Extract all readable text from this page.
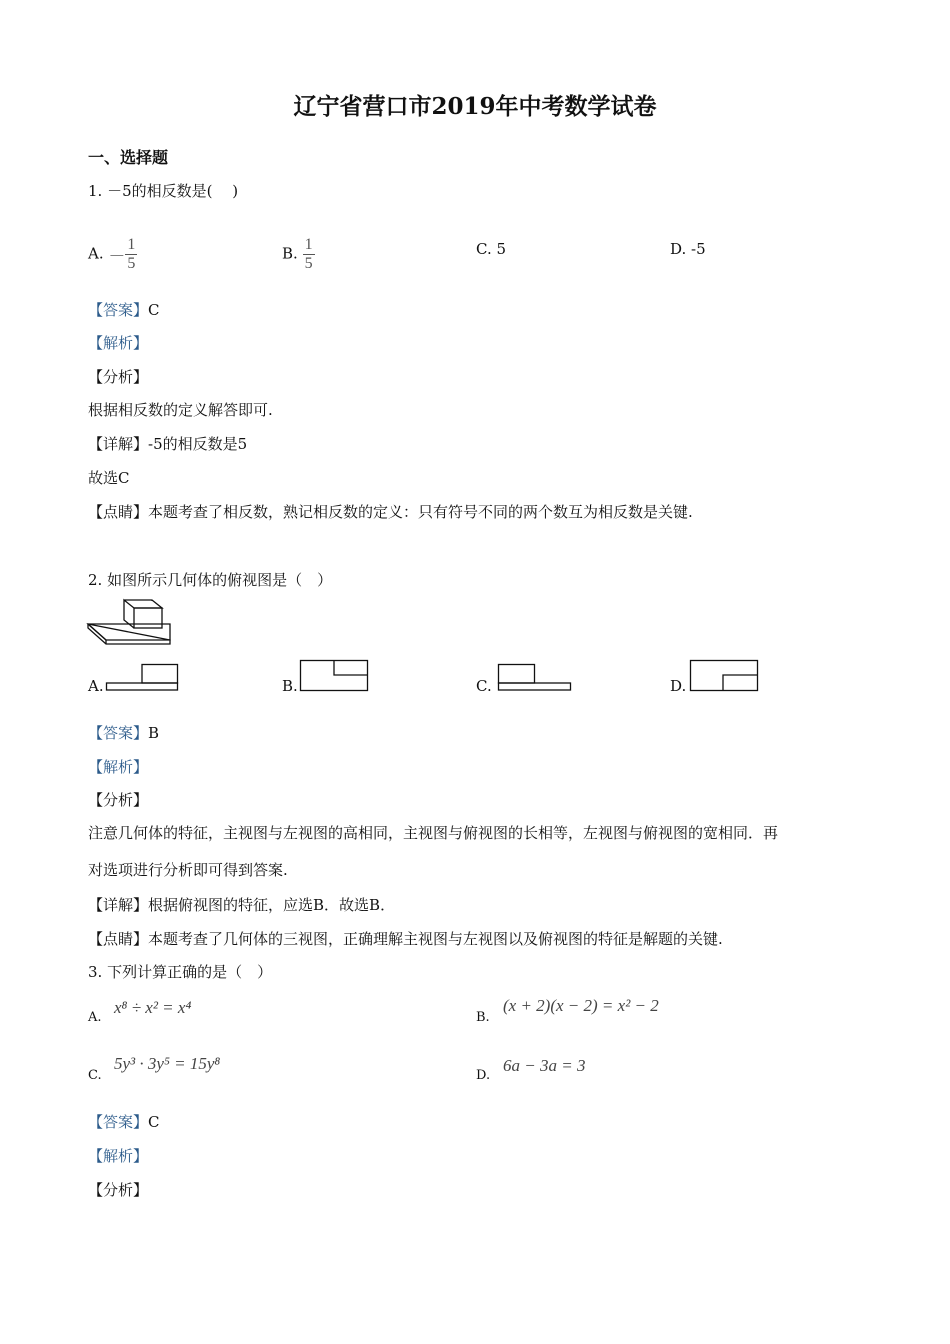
辽宁省营口市2019年中考数学试卷
一、选择题
1. －5的相反数是(　 )
A. － $\frac{1}{5}$	B. $\frac{1}{5}$	C. 5	D. -5
【答案】C
【解析】
【分析】
根据相反数的定义解答即可.
【详解】-5的相反数是5
故选C
【点睛】本题考查了相反数，熟记相反数的定义：只有符号不同的两个数互为相反数是关键.
2. 如图所示几何体的俯视图是（　）
A.	B.	C.	D.
【答案】B
【解析】
【分析】
注意几何体的特征，主视图与左视图的高相同，主视图与俯视图的长相等，左视图与俯视图的宽相同．再
对选项进行分析即可得到答案.
【详解】根据俯视图的特征，应选B．故选B．
【点睛】本题考查了几何体的三视图，正确理解主视图与左视图以及俯视图的特征是解题的关键.
3. 下列计算正确的是（　）
A.
x⁸ ÷ x² = x⁴
B.
(x + 2)(x − 2) = x² − 2
C.
5y³ · 3y⁵ = 15y⁸
D.
6a − 3a = 3
【答案】C
【解析】
【分析】
